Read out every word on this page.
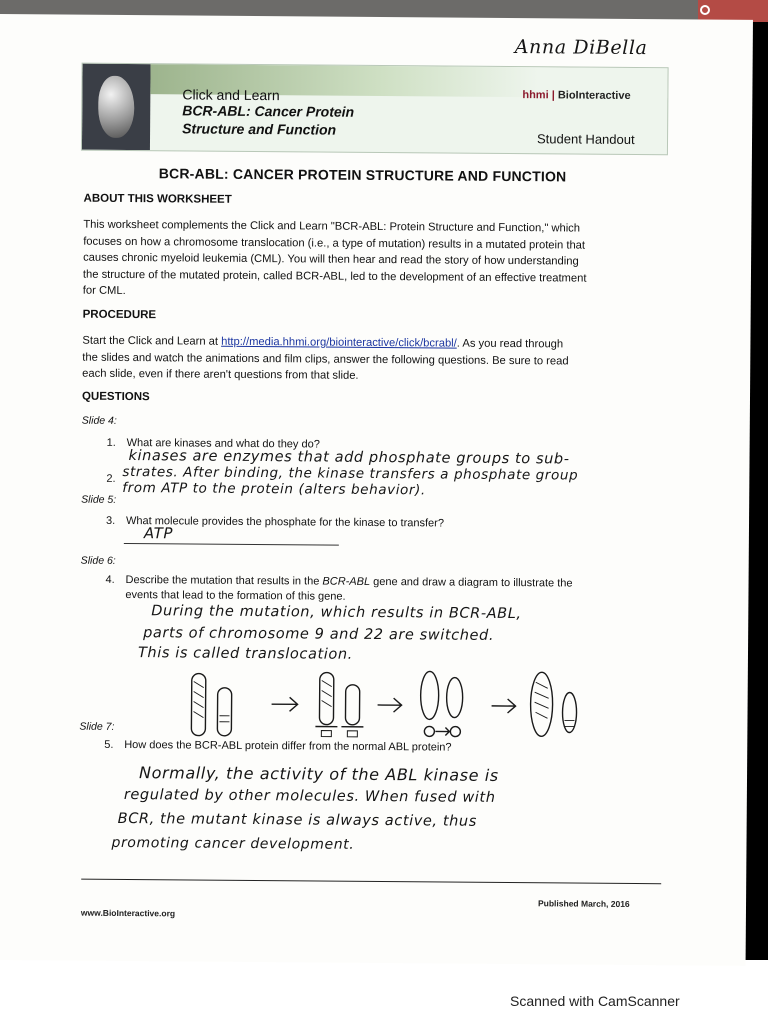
Anna DiBella
Click and Learn
BCR-ABL: Cancer Protein
Structure and Function
hhmi | BioInteractive
Student Handout
BCR-ABL: CANCER PROTEIN STRUCTURE AND FUNCTION
ABOUT THIS WORKSHEET
This worksheet complements the Click and Learn "BCR-ABL: Protein Structure and Function," which
focuses on how a chromosome translocation (i.e., a type of mutation) results in a mutated protein that
causes chronic myeloid leukemia (CML). You will then hear and read the story of how understanding
the structure of the mutated protein, called BCR-ABL, led to the development of an effective treatment
for CML.
PROCEDURE
Start the Click and Learn at http://media.hhmi.org/biointeractive/click/bcrabl/. As you read through
the slides and watch the animations and film clips, answer the following questions. Be sure to read
each slide, even if there aren't questions from that slide.
QUESTIONS
Slide 4:
1. What are kinases and what do they do?
kinases are enzymes that add phosphate groups to sub-
strates. After binding, the kinase transfers a phosphate group
from ATP to the protein (alters behavior).
2.
Slide 5:
3. What molecule provides the phosphate for the kinase to transfer?
ATP
Slide 6:
4. Describe the mutation that results in the BCR-ABL gene and draw a diagram to illustrate the
events that lead to the formation of this gene.
During the mutation, which results in BCR-ABL,
parts of chromosome 9 and 22 are switched.
This is called translocation.
Slide 7:
5. How does the BCR-ABL protein differ from the normal ABL protein?
Normally, the activity of the ABL kinase is
regulated by other molecules. When fused with
BCR, the mutant kinase is always active, thus
promoting cancer development.
www.BioInteractive.org
Published March, 2016
Scanned with CamScanner
